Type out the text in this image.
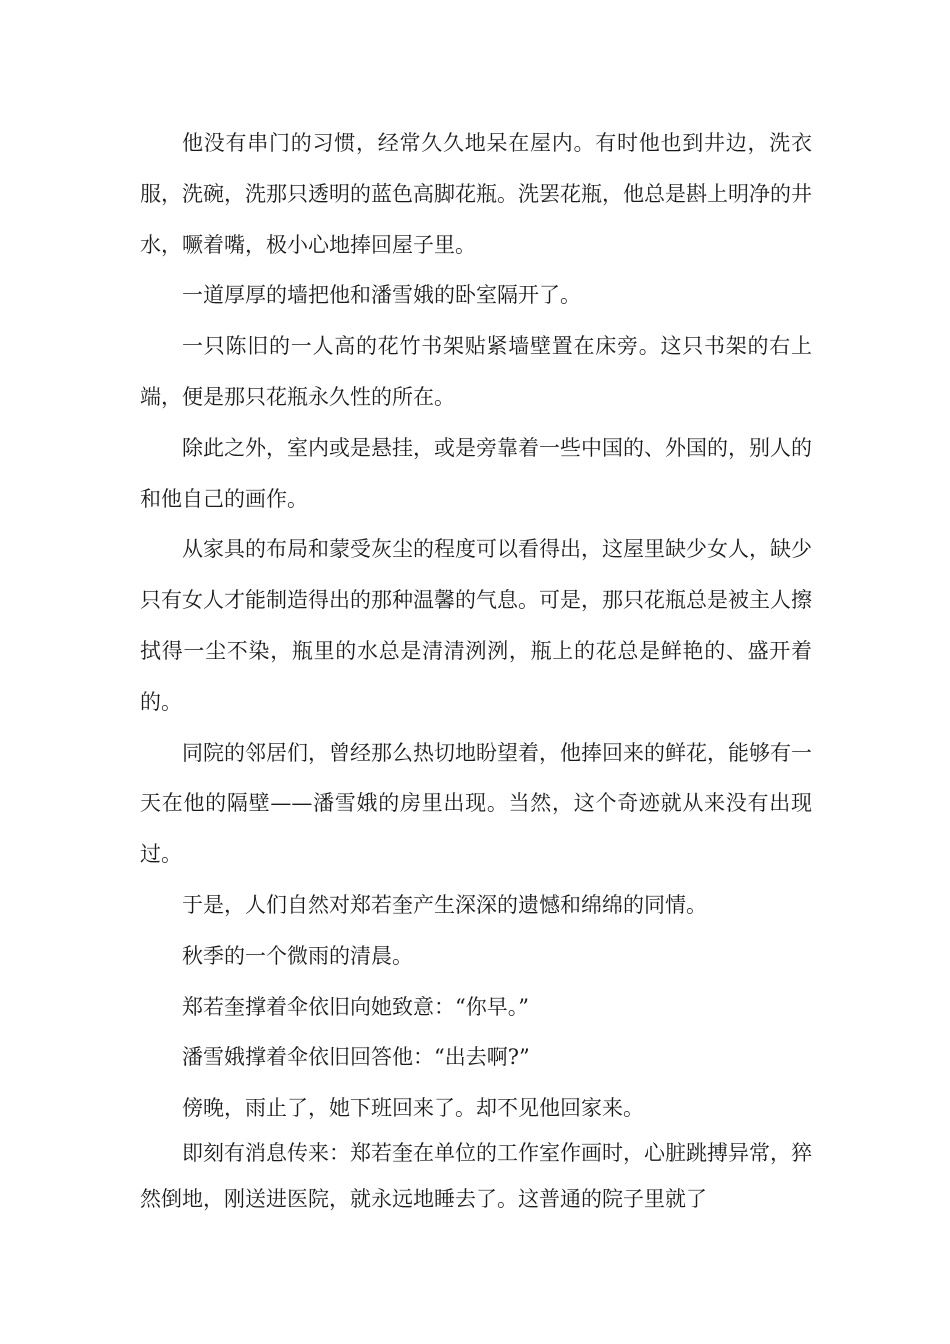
他没有串门的习惯，经常久久地呆在屋内。有时他也到井边，洗衣服，洗碗，洗那只透明的蓝色高脚花瓶。洗罢花瓶，他总是斟上明净的井水，噘着嘴，极小心地捧回屋子里。

一道厚厚的墙把他和潘雪娥的卧室隔开了。

一只陈旧的一人高的花竹书架贴紧墙壁置在床旁。这只书架的右上端，便是那只花瓶永久性的所在。

除此之外，室内或是悬挂，或是旁靠着一些中国的、外国的，别人的和他自己的画作。

从家具的布局和蒙受灰尘的程度可以看得出，这屋里缺少女人，缺少只有女人才能制造得出的那种温馨的气息。可是，那只花瓶总是被主人擦拭得一尘不染，瓶里的水总是清清洌洌，瓶上的花总是鲜艳的、盛开着的。

同院的邻居们，曾经那么热切地盼望着，他捧回来的鲜花，能够有一天在他的隔壁——潘雪娥的房里出现。当然，这个奇迹就从来没有出现过。

于是，人们自然对郑若奎产生深深的遗憾和绵绵的同情。

秋季的一个微雨的清晨。

郑若奎撑着伞依旧向她致意：“你早。”

潘雪娥撑着伞依旧回答他：“出去啊?”

傍晚，雨止了，她下班回来了。却不见他回家来。

即刻有消息传来：郑若奎在单位的工作室作画时，心脏跳搏异常，猝然倒地，刚送进医院，就永远地睡去了。这普通的院子里就了
